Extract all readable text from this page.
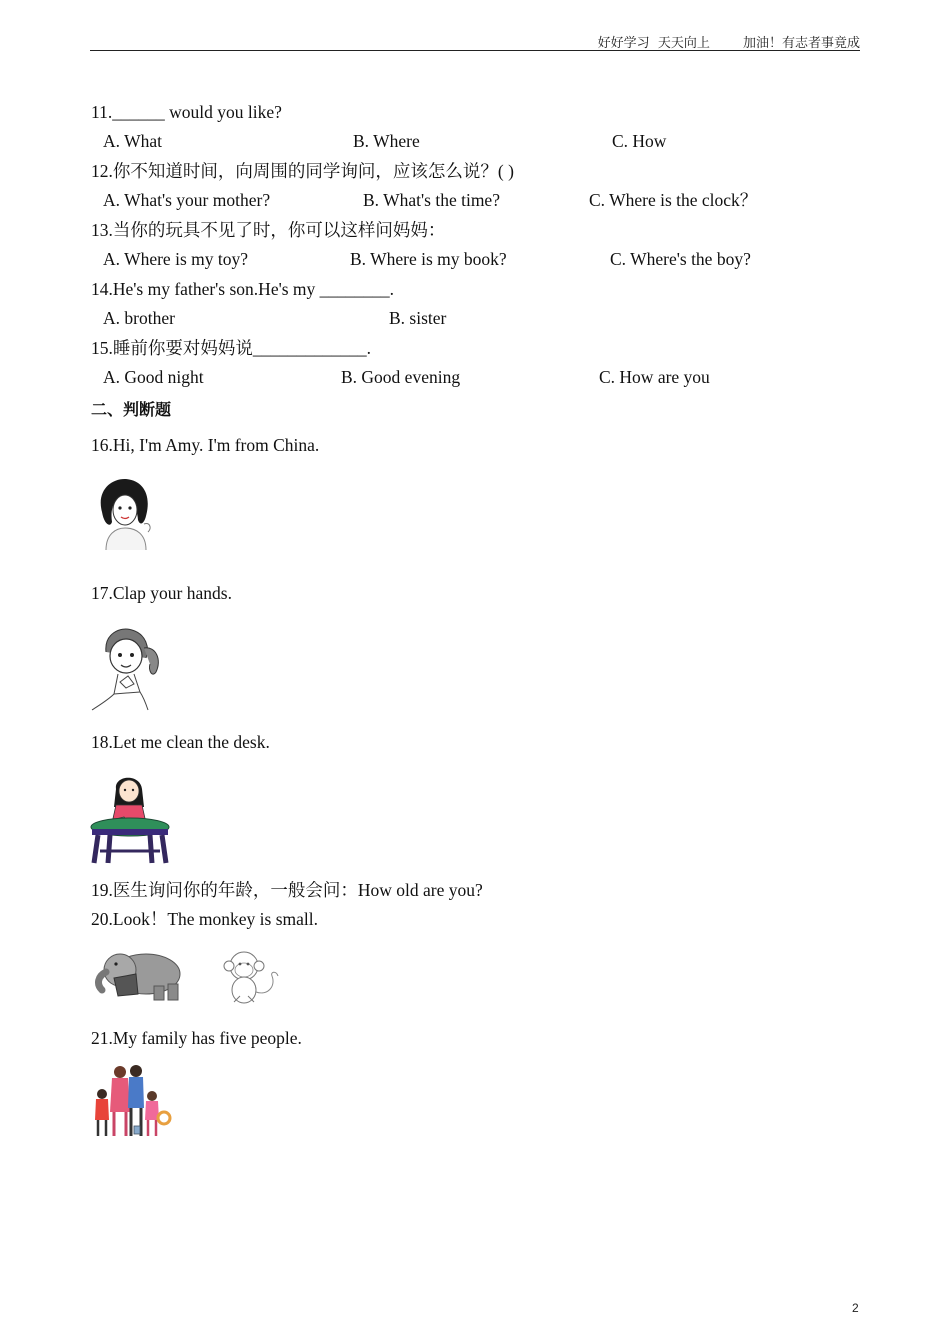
好好学习  天天向上        加油！有志者事竟成
11.______ would you like?
A. What	B. Where	C. How
12.你不知道时间，向周围的同学询问，应该怎么说？( )
A. What's your mother?	B. What's the time?	C. Where is the clock？
13.当你的玩具不见了时，你可以这样问妈妈：
A. Where is my toy?	B. Where is my book?	C. Where's the boy?
14.He's my father's son.He's my ________.
A. brother	B. sister
15.睡前你要对妈妈说_____________.
A. Good night	B. Good evening	C. How are you
二、判断题
16.Hi, I'm Amy. I'm from China.
17.Clap your hands.
18.Let me clean the desk.
19.医生询问你的年龄，一般会问：How old are you?
20.Look！The monkey is small.
21.My family has five people.
2
